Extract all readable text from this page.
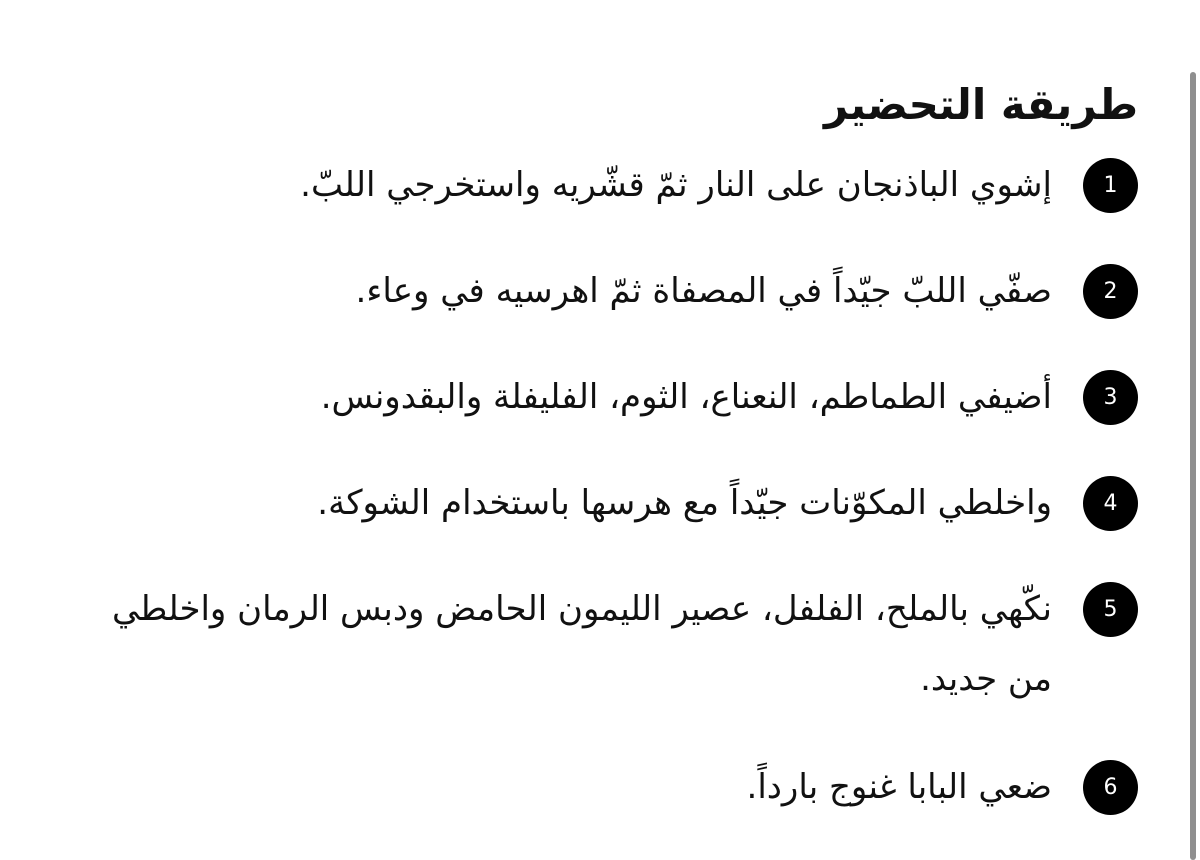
طريقة التحضير
1
إشوي الباذنجان على النار ثمّ قشّريه واستخرجي اللبّ.
2
صفّي اللبّ جيّداً في المصفاة ثمّ اهرسيه في وعاء.
3
أضيفي الطماطم، النعناع، الثوم، الفليفلة والبقدونس.
4
واخلطي المكوّنات جيّداً مع هرسها باستخدام الشوكة.
5
نكّهي بالملح، الفلفل، عصير الليمون الحامض ودبس الرمان واخلطي من جديد.
6
ضعي البابا غنوج بارداً.
